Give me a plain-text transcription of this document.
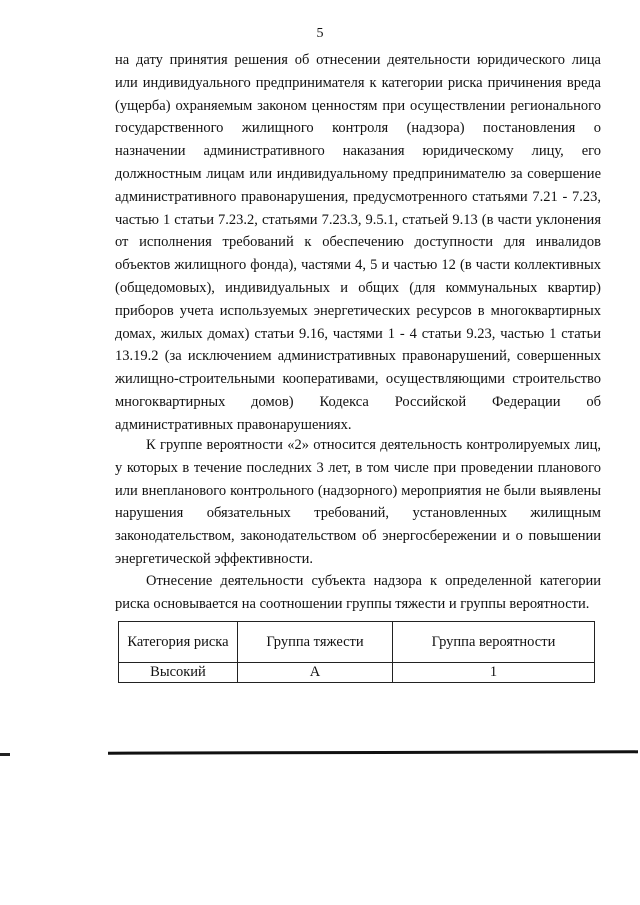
5

на дату принятия решения об отнесении деятельности юридического лица или индивидуального предпринимателя к категории риска причинения вреда (ущерба) охраняемым законом ценностям при осуществлении регионального государственного жилищного контроля (надзора) постановления о назначении административного наказания юридическому лицу, его должностным лицам или индивидуальному предпринимателю за совершение административного правонарушения, предусмотренного статьями 7.21 - 7.23, частью 1 статьи 7.23.2, статьями 7.23.3, 9.5.1, статьей 9.13 (в части уклонения от исполнения требований к обеспечению доступности для инвалидов объектов жилищного фонда), частями 4, 5 и частью 12 (в части коллективных (общедомовых), индивидуальных и общих (для коммунальных квартир) приборов учета используемых энергетических ресурсов в многоквартирных домах, жилых домах) статьи 9.16, частями 1 - 4 статьи 9.23, частью 1 статьи 13.19.2 (за исключением административных правонарушений, совершенных жилищно-строительными кооперативами, осуществляющими строительство многоквартирных домов) Кодекса Российской Федерации об административных правонарушениях.

К группе вероятности «2» относится деятельность контролируемых лиц, у которых в течение последних 3 лет, в том числе при проведении планового или внепланового контрольного (надзорного) мероприятия не были выявлены нарушения обязательных требований, установленных жилищным законодательством, законодательством об энергосбережении и о повышении энергетической эффективности.

Отнесение деятельности субъекта надзора к определенной категории риска основывается на соотношении группы тяжести и группы вероятности.

Категория риска	Группа тяжести	Группа вероятности
Высокий	А	1
